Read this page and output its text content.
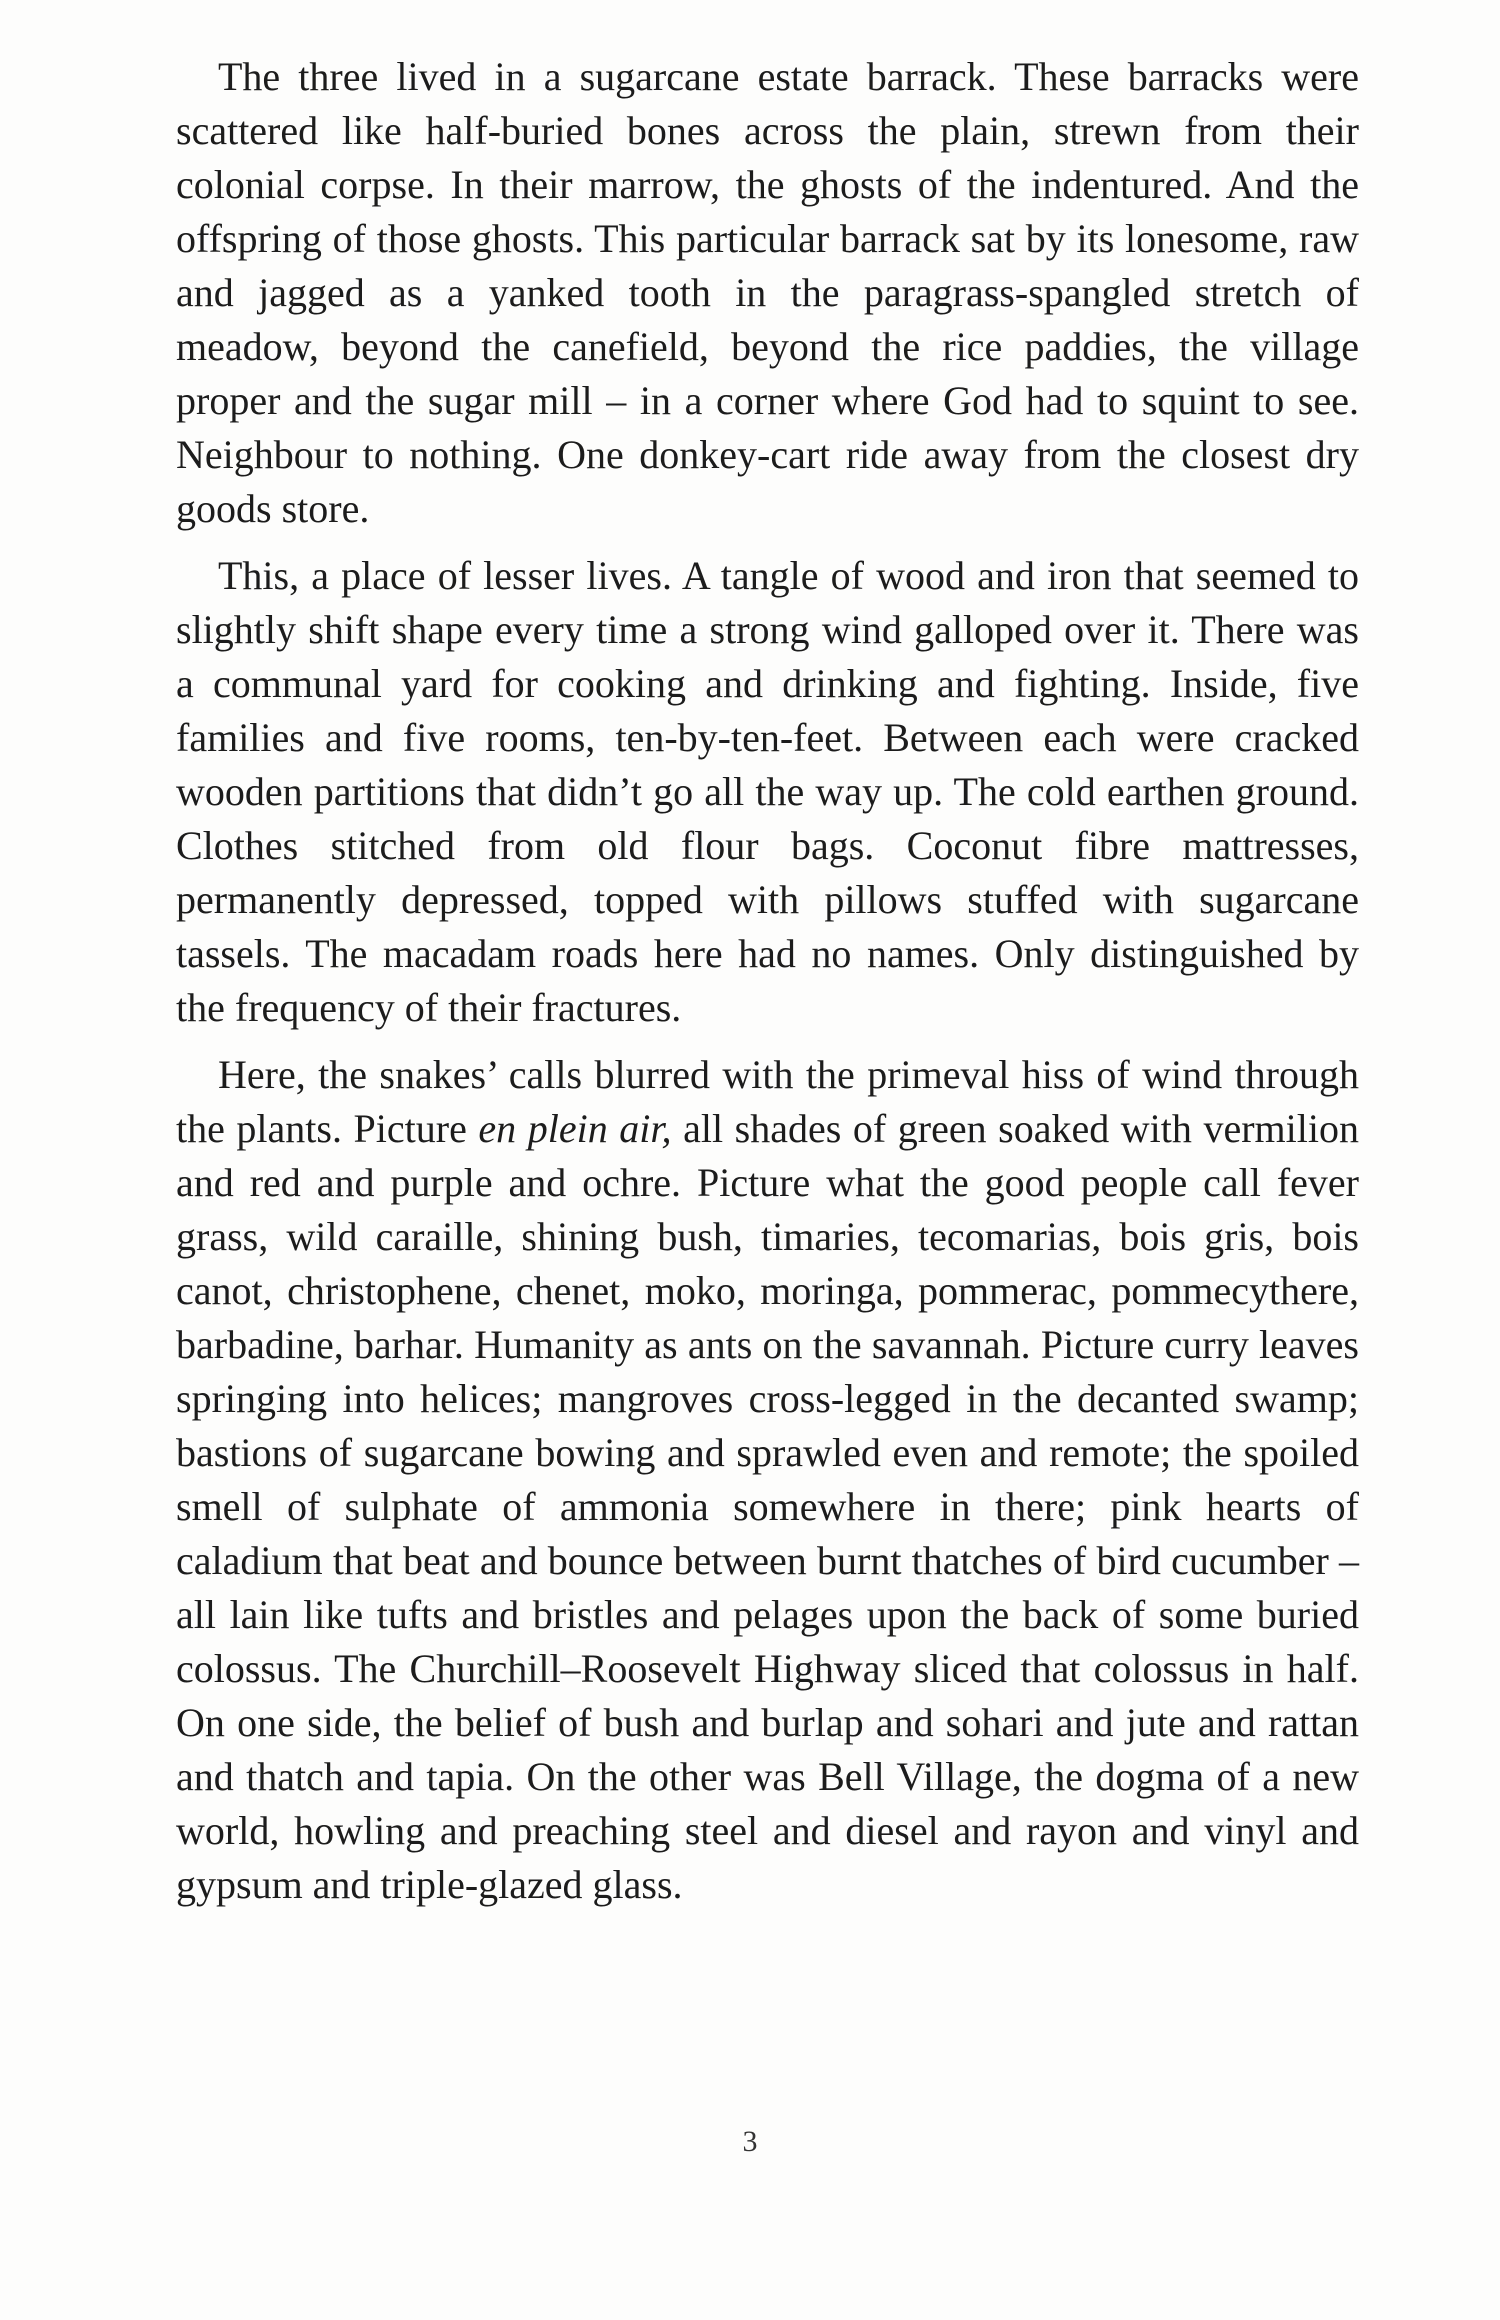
The three lived in a sugarcane estate barrack. These barracks were scattered like half-buried bones across the plain, strewn from their colonial corpse. In their marrow, the ghosts of the indentured. And the offspring of those ghosts. This particular barrack sat by its lonesome, raw and jagged as a yanked tooth in the paragrass-spangled stretch of meadow, beyond the canefield, beyond the rice paddies, the village proper and the sugar mill – in a corner where God had to squint to see. Neighbour to nothing. One donkey-cart ride away from the closest dry goods store.

This, a place of lesser lives. A tangle of wood and iron that seemed to slightly shift shape every time a strong wind galloped over it. There was a communal yard for cooking and drinking and fighting. Inside, five families and five rooms, ten-by-ten-feet. Between each were cracked wooden partitions that didn’t go all the way up. The cold earthen ground. Clothes stitched from old flour bags. Coconut fibre mattresses, permanently depressed, topped with pillows stuffed with sugarcane tassels. The macadam roads here had no names. Only distinguished by the frequency of their fractures.

Here, the snakes’ calls blurred with the primeval hiss of wind through the plants. Picture en plein air, all shades of green soaked with vermilion and red and purple and ochre. Picture what the good people call fever grass, wild caraille, shining bush, timaries, tecomarias, bois gris, bois canot, christophene, chenet, moko, moringa, pommerac, pommecythere, barbadine, barhar. Humanity as ants on the savannah. Picture curry leaves springing into helices; mangroves cross-legged in the decanted swamp; bastions of sugarcane bowing and sprawled even and remote; the spoiled smell of sulphate of ammonia somewhere in there; pink hearts of caladium that beat and bounce between burnt thatches of bird cucumber – all lain like tufts and bristles and pelages upon the back of some buried colossus. The Churchill–Roosevelt Highway sliced that colossus in half. On one side, the belief of bush and burlap and sohari and jute and rattan and thatch and tapia. On the other was Bell Village, the dogma of a new world, howling and preaching steel and diesel and rayon and vinyl and gypsum and triple-glazed glass.

3
